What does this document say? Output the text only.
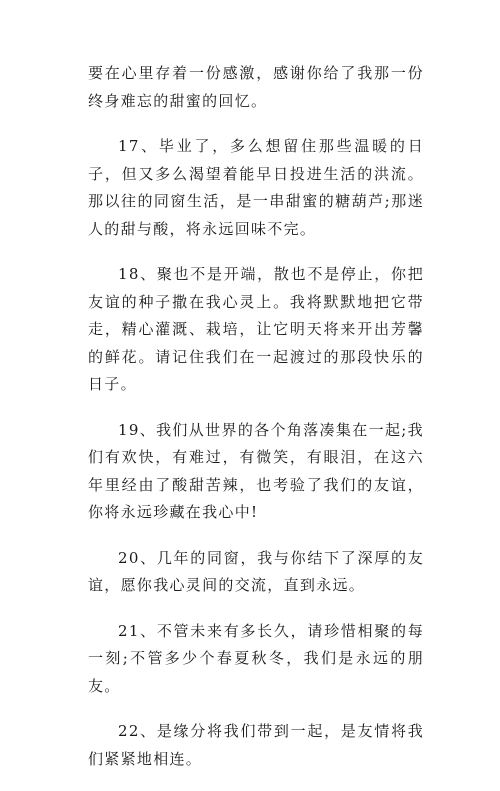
要在心里存着一份感激，感谢你给了我那一份终身难忘的甜蜜的回忆。

17、毕业了，多么想留住那些温暖的日子，但又多么渴望着能早日投进生活的洪流。那以往的同窗生活，是一串甜蜜的糖葫芦;那迷人的甜与酸，将永远回味不完。

18、聚也不是开端，散也不是停止，你把友谊的种子撒在我心灵上。我将默默地把它带走，精心灌溉、栽培，让它明天将来开出芳馨的鲜花。请记住我们在一起渡过的那段快乐的日子。

19、我们从世界的各个角落凑集在一起;我们有欢快，有难过，有微笑，有眼泪，在这六年里经由了酸甜苦辣，也考验了我们的友谊，你将永远珍藏在我心中!

20、几年的同窗，我与你结下了深厚的友谊，愿你我心灵间的交流，直到永远。

21、不管未来有多长久，请珍惜相聚的每一刻;不管多少个春夏秋冬，我们是永远的朋友。

22、是缘分将我们带到一起，是友情将我们紧紧地相连。
